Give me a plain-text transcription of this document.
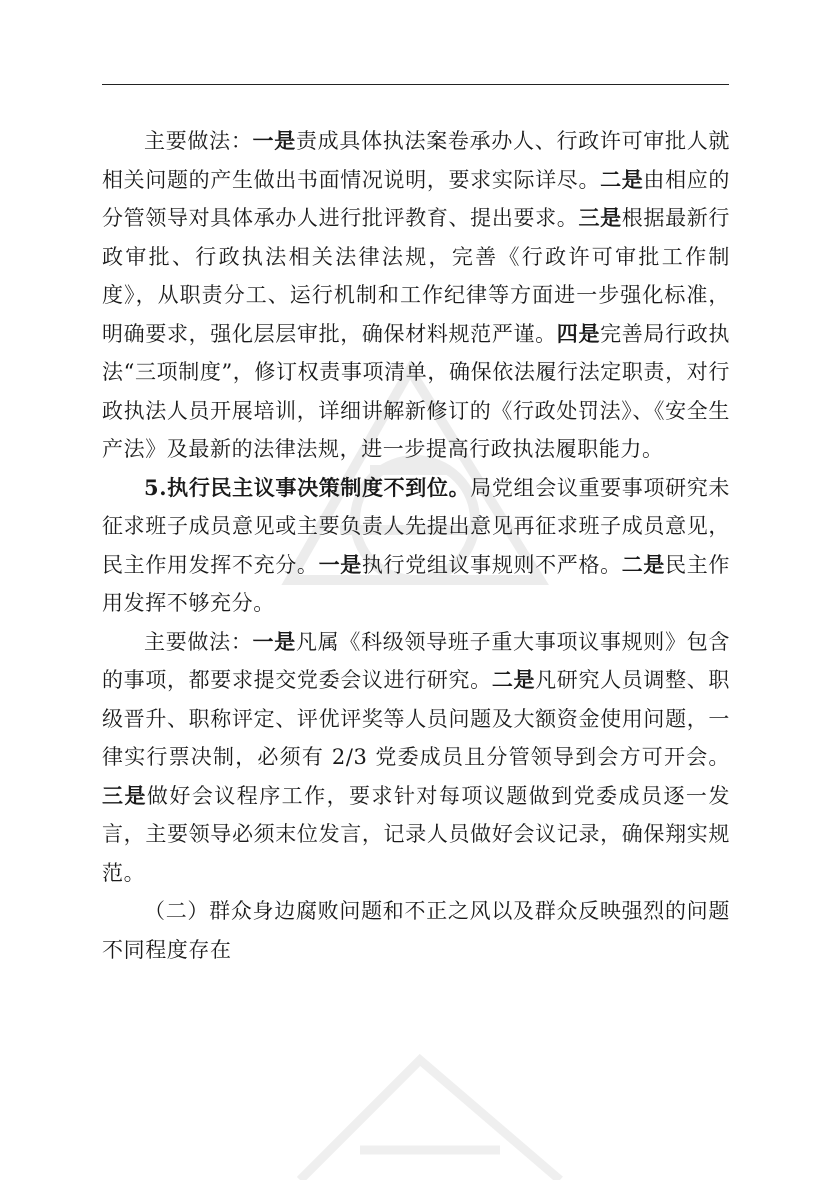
主要做法：一是责成具体执法案卷承办人、行政许可审批人就相关问题的产生做出书面情况说明，要求实际详尽。二是由相应的分管领导对具体承办人进行批评教育、提出要求。三是根据最新行政审批、行政执法相关法律法规，完善《行政许可审批工作制度》，从职责分工、运行机制和工作纪律等方面进一步强化标准，明确要求，强化层层审批，确保材料规范严谨。四是完善局行政执法“三项制度”，修订权责事项清单，确保依法履行法定职责，对行政执法人员开展培训，详细讲解新修订的《行政处罚法》、《安全生产法》及最新的法律法规，进一步提高行政执法履职能力。

5.执行民主议事决策制度不到位。局党组会议重要事项研究未征求班子成员意见或主要负责人先提出意见再征求班子成员意见，民主作用发挥不充分。一是执行党组议事规则不严格。二是民主作用发挥不够充分。

主要做法：一是凡属《科级领导班子重大事项议事规则》包含的事项，都要求提交党委会议进行研究。二是凡研究人员调整、职级晋升、职称评定、评优评奖等人员问题及大额资金使用问题，一律实行票决制，必须有 2/3 党委成员且分管领导到会方可开会。三是做好会议程序工作，要求针对每项议题做到党委成员逐一发言，主要领导必须末位发言，记录人员做好会议记录，确保翔实规范。

（二）群众身边腐败问题和不正之风以及群众反映强烈的问题不同程度存在
